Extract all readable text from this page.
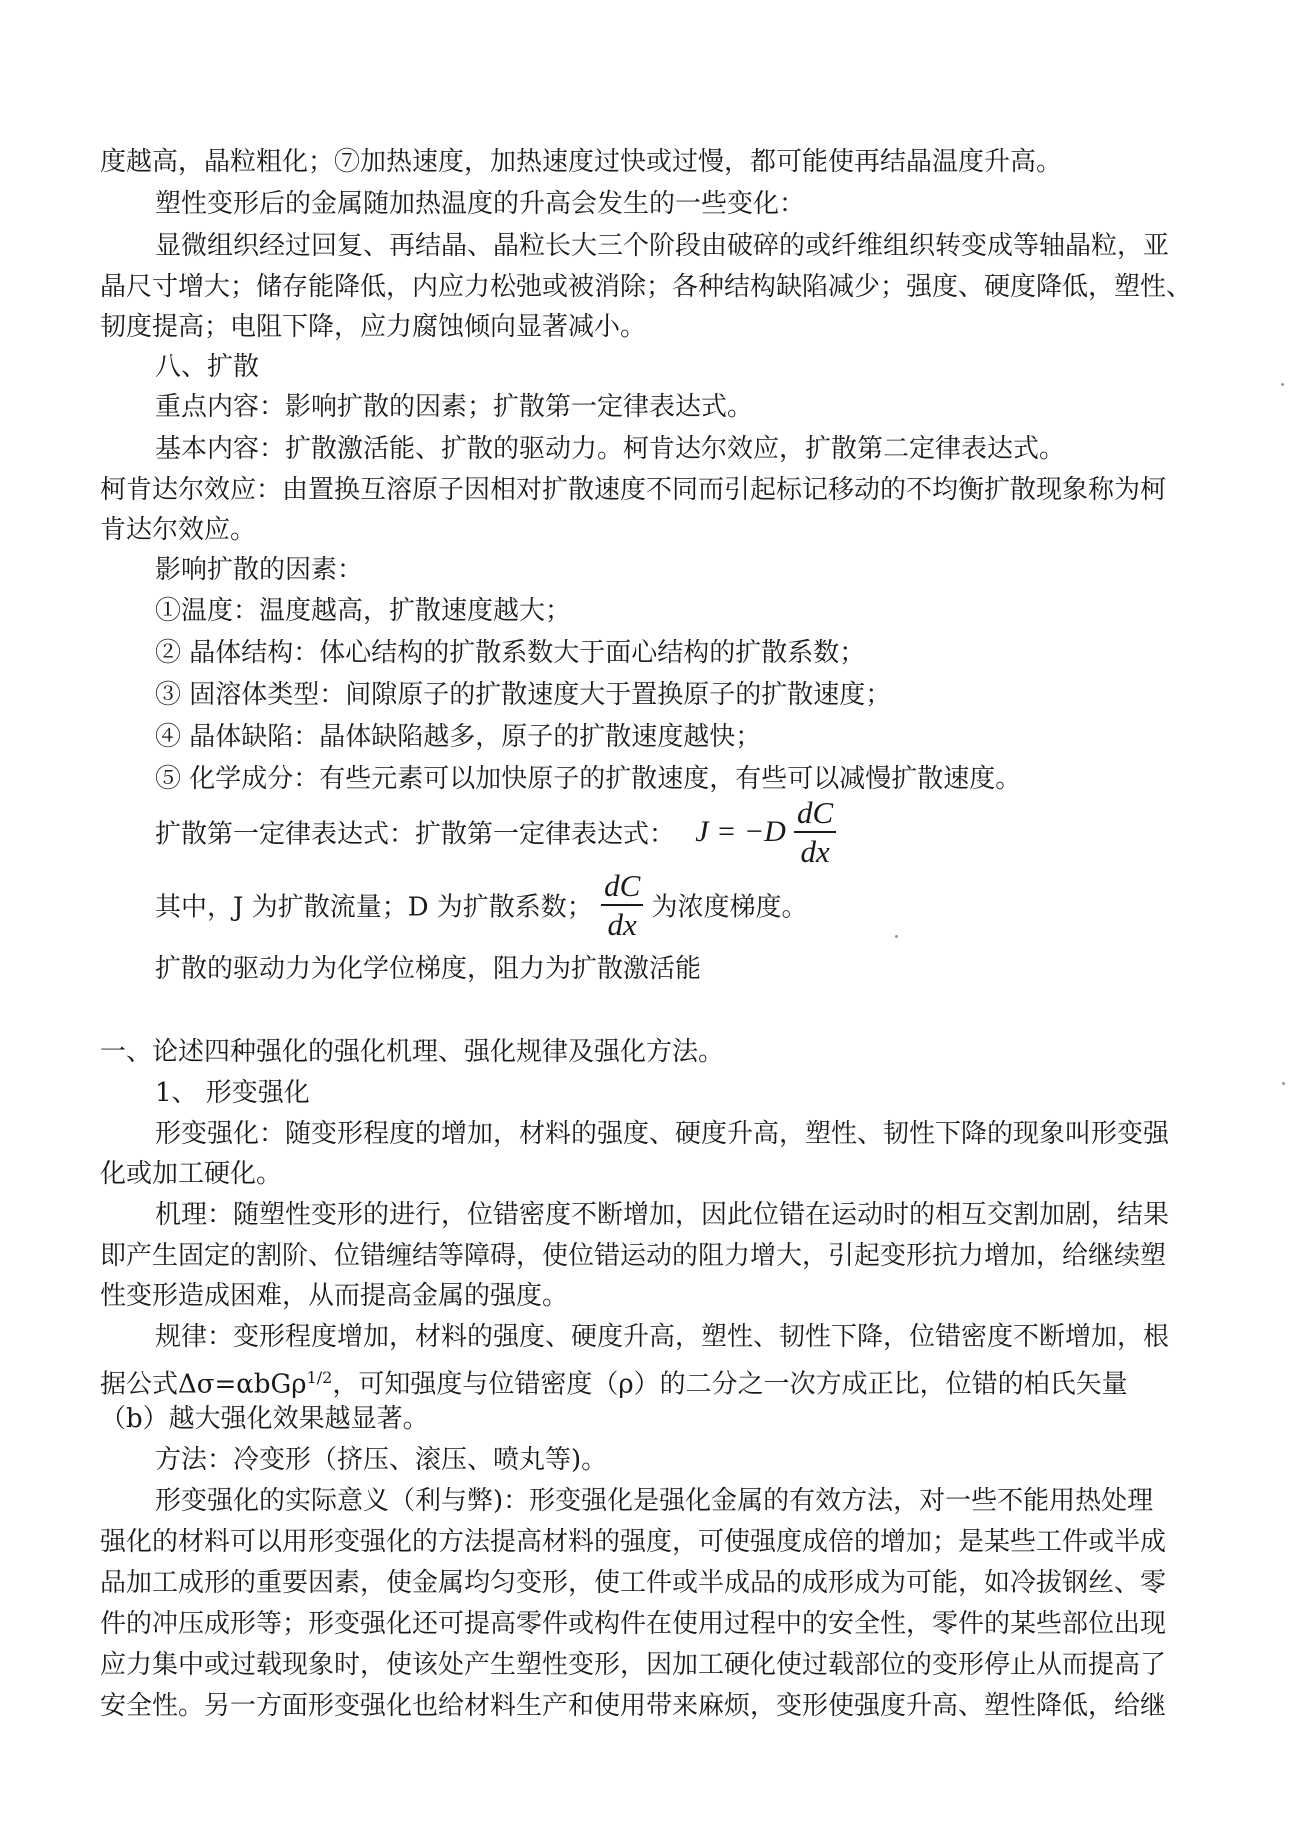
度越高，晶粒粗化；⑦加热速度，加热速度过快或过慢，都可能使再结晶温度升高。
塑性变形后的金属随加热温度的升高会发生的一些变化：
显微组织经过回复、再结晶、晶粒长大三个阶段由破碎的或纤维组织转变成等轴晶粒，亚
晶尺寸增大；储存能降低，内应力松弛或被消除；各种结构缺陷减少；强度、硬度降低，塑性、
韧度提高；电阻下降，应力腐蚀倾向显著减小。
八、扩散
重点内容：影响扩散的因素；扩散第一定律表达式。
基本内容：扩散激活能、扩散的驱动力。柯肯达尔效应，扩散第二定律表达式。
柯肯达尔效应：由置换互溶原子因相对扩散速度不同而引起标记移动的不均衡扩散现象称为柯
肯达尔效应。
影响扩散的因素：
①温度：温度越高，扩散速度越大；
② 晶体结构：体心结构的扩散系数大于面心结构的扩散系数；
③ 固溶体类型：间隙原子的扩散速度大于置换原子的扩散速度；
④ 晶体缺陷：晶体缺陷越多，原子的扩散速度越快；
⑤ 化学成分：有些元素可以加快原子的扩散速度，有些可以减慢扩散速度。
扩散第一定律表达式：扩散第一定律表达式： $J = -D \frac{dC}{dx}$
其中，J 为扩散流量；D 为扩散系数； $\frac{dC}{dx}$ 为浓度梯度。
扩散的驱动力为化学位梯度，阻力为扩散激活能
一、论述四种强化的强化机理、强化规律及强化方法。
1、 形变强化
形变强化：随变形程度的增加，材料的强度、硬度升高，塑性、韧性下降的现象叫形变强
化或加工硬化。
机理：随塑性变形的进行，位错密度不断增加，因此位错在运动时的相互交割加剧，结果
即产生固定的割阶、位错缠结等障碍，使位错运动的阻力增大，引起变形抗力增加，给继续塑
性变形造成困难，从而提高金属的强度。
规律：变形程度增加，材料的强度、硬度升高，塑性、韧性下降，位错密度不断增加，根
据公式Δσ=αbGρ$^{1/2}$，可知强度与位错密度（ρ）的二分之一次方成正比，位错的柏氏矢量
（b）越大强化效果越显著。
方法：冷变形（挤压、滚压、喷丸等)。
形变强化的实际意义（利与弊)：形变强化是强化金属的有效方法，对一些不能用热处理
强化的材料可以用形变强化的方法提高材料的强度，可使强度成倍的增加；是某些工件或半成
品加工成形的重要因素，使金属均匀变形，使工件或半成品的成形成为可能，如冷拔钢丝、零
件的冲压成形等；形变强化还可提高零件或构件在使用过程中的安全性，零件的某些部位出现
应力集中或过载现象时，使该处产生塑性变形，因加工硬化使过载部位的变形停止从而提高了
安全性。另一方面形变强化也给材料生产和使用带来麻烦，变形使强度升高、塑性降低，给继
